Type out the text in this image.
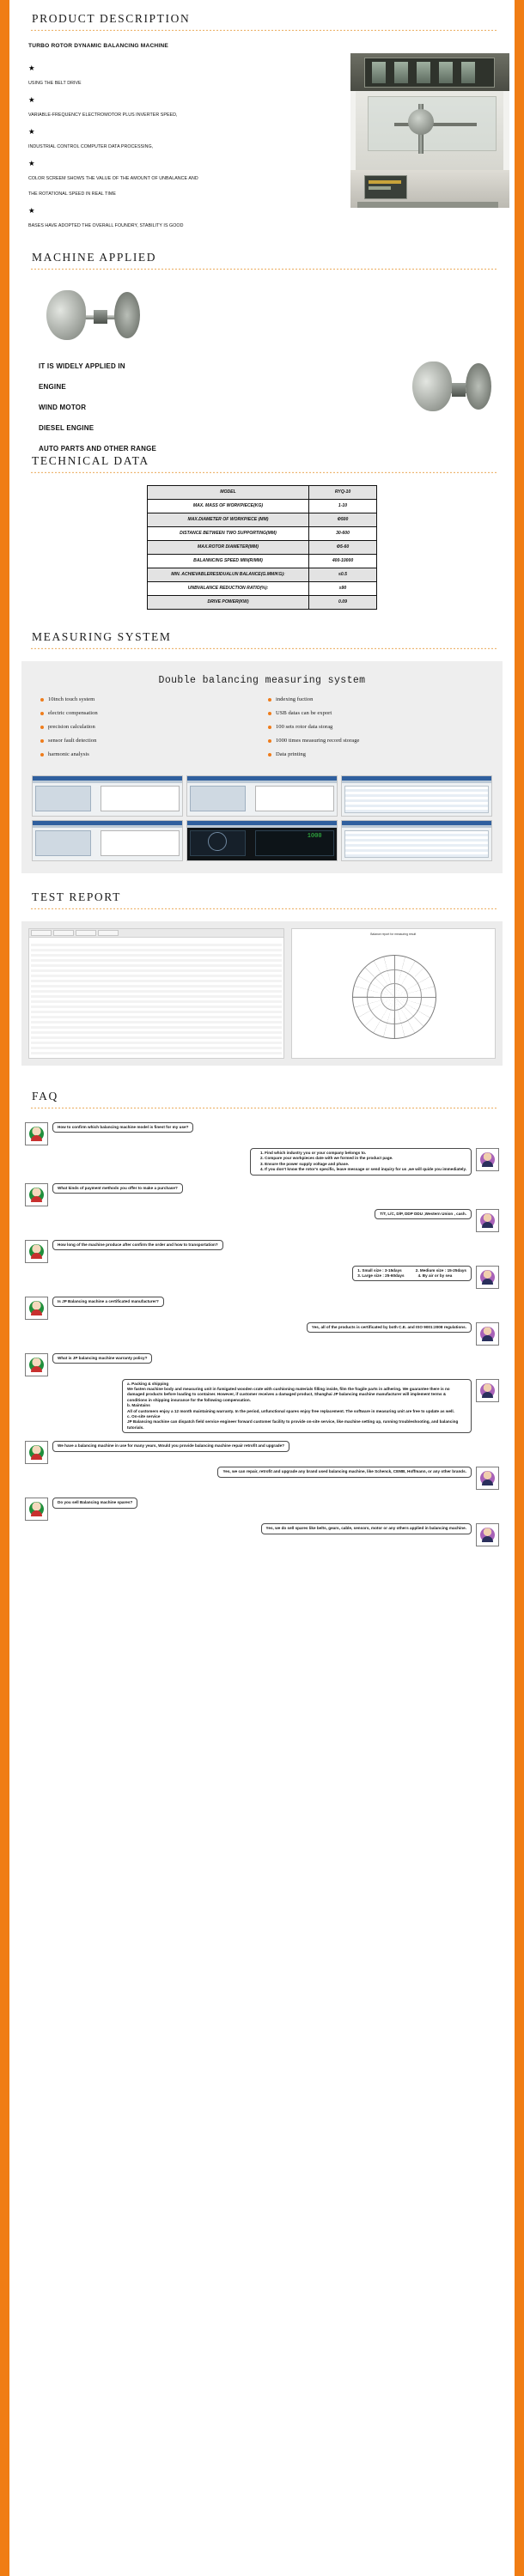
PRODUCT DESCRIPTION
TURBO ROTOR DYNAMIC BALANCING MACHINE
★
USING THE BELT DRIVE
★
VARIABLE-FREQUENCY ELECTROMOTOR PLUS INVERTER SPEED,
★
INDUSTRIAL CONTROL COMPUTER DATA PROCESSING,
★
COLOR SCREEM SHOWS THE VALUE OF THE AMOUNT OF UNBALANCE AND THE ROTATIONAL SPEED IN REAL TIME
★
BASES HAVE ADOPTED THE OVERALL FOUNDRY, STABILITY IS GOOD
MACHINE APPLIED
IT IS WIDELY APPLIED IN
ENGINE
WIND MOTOR
DIESEL ENGINE
AUTO PARTS AND OTHER RANGE
TECHNICAL DATA
MODEL	RYQ-10
MAX. MASS OF WORKPIECE(KG)	1-10
MAX.DIAMETER OF WORKPIECE (MM)	Φ500
DISTANCE BETWEEN TWO SUPPORTING(MM)	30-600
MAX.ROTOR DIAMETER(MM)	Φ5-60
BALANNCING SPEED MIN(R/MM)	400-10000
MIN. ACHIEVABLERESIDUALUN BALANCE(G.MM/KG):	≤0.5
UNBVALANCE REDUCTION RATIO(%):	≥90
DRIVE POWER(KW)	0.09
MEASURING SYSTEM
Double balancing measuring system
10inch touch system
electric compensation
precision calculation
sensor fault detection
harmonic analysis
indexing fuction
USB datas can be export
100 sets rotor data storag
1000 times measuring record storage
Data printing
1000
TEST REPORT
Balance report for measuring result
FAQ
How to confirm which balancing machine model is finest for my use?
1. Find which industry you or your company belongs to.
2. Compare your workpieces date with we formed in the product page.
3. Ensure the power supply voltage and phase.
4. If you don’t know the rotor’s specific, leave message or send inquiry for us ,we will quide you immediately.
What kinds of payment methods you offer to make a purchase?
T/T, L/C, D/P, DDP DDU ,Western Union , cash.
How long of the machine produce after confirm the order and how to transportation?
1. Small size : 3-15days	2. Medium size : 15-25days
3. Large size : 25-60days	4. By air or by sea
Is JP Balancing machine a certificated manufacturer?
Yes, all of the products is certificated by both C.E. and ISO 9001:2008 regulations.
What is JP balancing machine warranty policy?

a. Packing & shipping

We fasten machine body and measuring unit in fumigated wooden crate with cushioning materials filling inside, film the fragile parts in adhering. We guarantee there is no damaged products before loading to container. However, if customer receives a damaged product, Shanghai JP balancing machine manufacturer will implement terms & conditions in shipping insurance for the following compensation.

b. Maintains

All of customers enjoy a 12 month maintaining warranty. In the period, unfunctional spares enjoy free replacement. The software in measuring unit are free to update as well.

c. On-site service

JP Balancing machine can dispatch field service engineer forward customer facility to provide on-site service, like machine setting up, running troubleshooting, and balancing tutorials.

We have a balancing machine in use for many years, Would you provide balancing machine repair retrofit and upgrade?
Yes, we can repair, retrofit and upgrade any brand used balancing machine, like Schenck, CEMB, Hoffmann, or any other brands.
Do you sell Balancing machine spares?
Yes, we do sell spares like belts, gears, cable, sensors, motor or any others applied in balancing machine.
